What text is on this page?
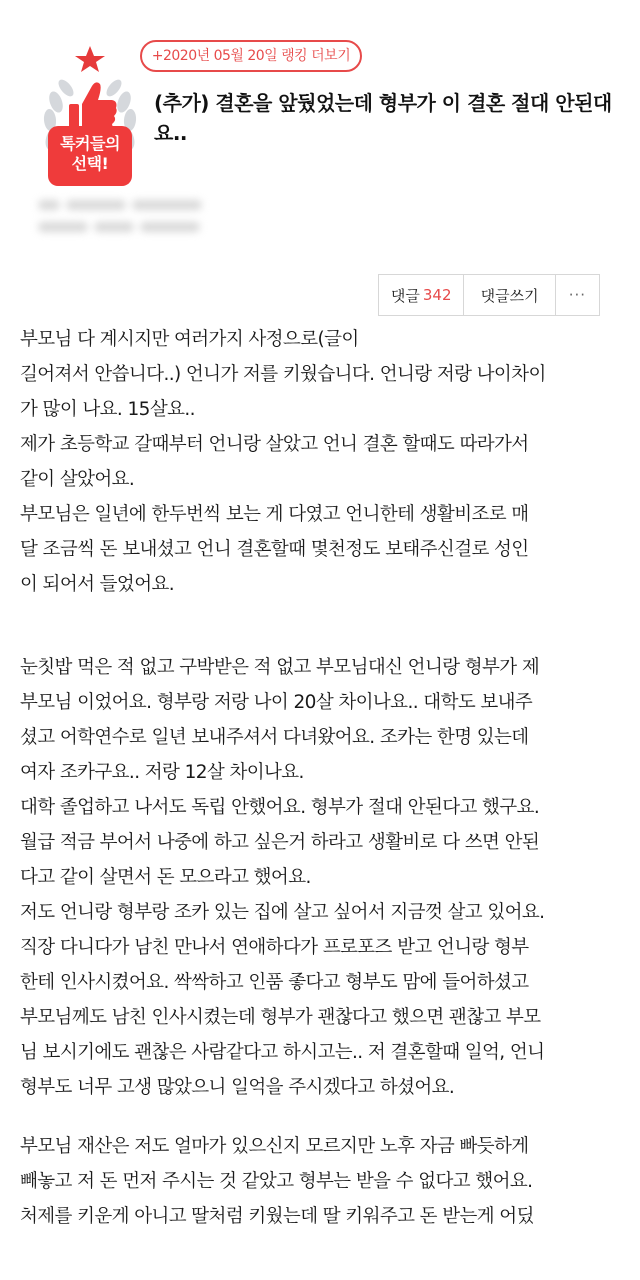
톡커들의
선택!
+2020년 05월 20일 랭킹 더보기
(추가) 결혼을 앞뒀었는데 형부가 이 결혼 절대 안된대요..

댓글 342	댓글쓰기	···
부모님 다 계시지만 여러가지 사정으로(글이
길어져서 안씁니다..) 언니가 저를 키웠습니다. 언니랑 저랑 나이차이
가 많이 나요. 15살요..
제가 초등학교 갈때부터 언니랑 살았고 언니 결혼 할때도 따라가서
같이 살았어요.
부모님은 일년에 한두번씩 보는 게 다였고 언니한테 생활비조로 매
달 조금씩 돈 보내셨고 언니 결혼할때 몇천정도 보태주신걸로 성인
이 되어서 들었어요.
눈칫밥 먹은 적 없고 구박받은 적 없고 부모님대신 언니랑 형부가 제
부모님 이었어요. 형부랑 저랑 나이 20살 차이나요.. 대학도 보내주
셨고 어학연수로 일년 보내주셔서 다녀왔어요. 조카는 한명 있는데
여자 조카구요.. 저랑 12살 차이나요.
대학 졸업하고 나서도 독립 안했어요. 형부가 절대 안된다고 했구요.
월급 적금 부어서 나중에 하고 싶은거 하라고 생활비로 다 쓰면 안된
다고 같이 살면서 돈 모으라고 했어요.
저도 언니랑 형부랑 조카 있는 집에 살고 싶어서 지금껏 살고 있어요.
직장 다니다가 남친 만나서 연애하다가 프로포즈 받고 언니랑 형부
한테 인사시켰어요. 싹싹하고 인품 좋다고 형부도 맘에 들어하셨고
부모님께도 남친 인사시켰는데 형부가 괜찮다고 했으면 괜찮고 부모
님 보시기에도 괜찮은 사람같다고 하시고는.. 저 결혼할때 일억, 언니
형부도 너무 고생 많았으니 일억을 주시겠다고 하셨어요.
부모님 재산은 저도 얼마가 있으신지 모르지만 노후 자금 빠듯하게
빼놓고 저 돈 먼저 주시는 것 같았고 형부는 받을 수 없다고 했어요.
처제를 키운게 아니고 딸처럼 키웠는데 딸 키워주고 돈 받는게 어딨
